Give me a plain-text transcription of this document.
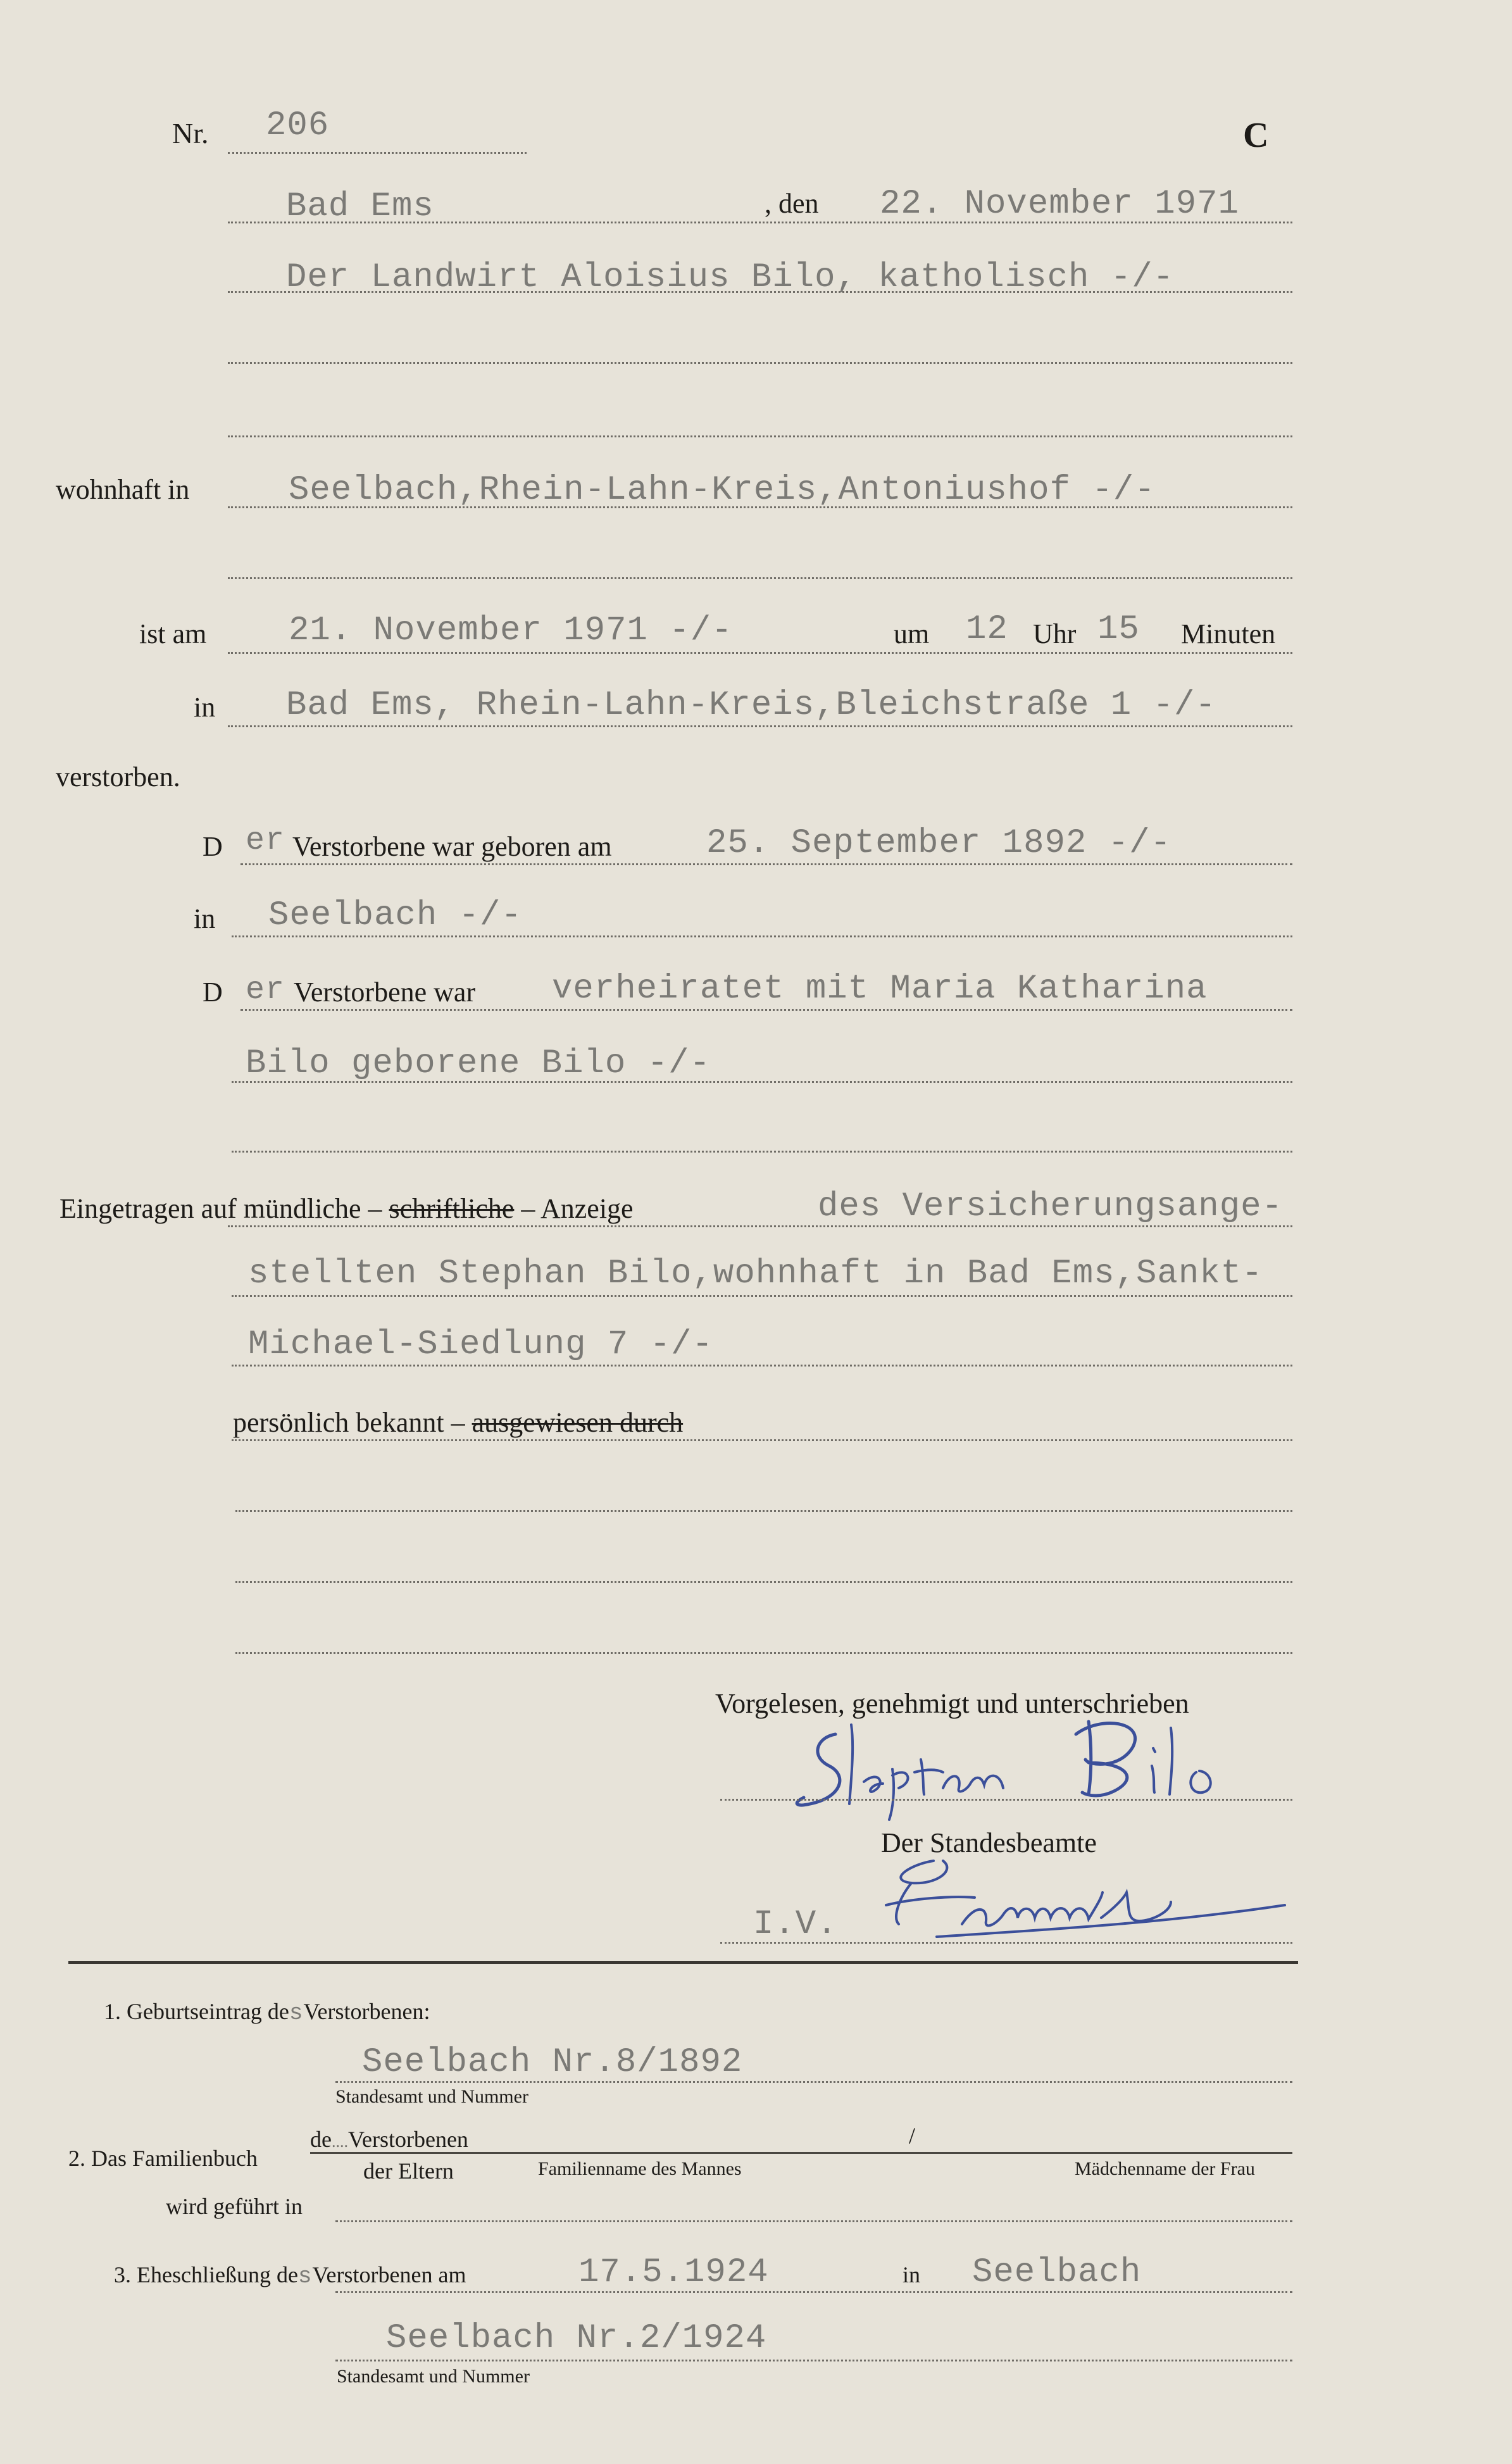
Nr. 206	C
Bad Ems	, den 22. November 1971
Der Landwirt Aloisius Bilo, katholisch -/-
wohnhaft in	Seelbach,Rhein-Lahn-Kreis,Antoniushof -/-
ist am 21. November 1971 -/-	um 12 Uhr 15 Minuten
in Bad Ems, Rhein-Lahn-Kreis,Bleichstraße 1 -/-
verstorben.
D er Verstorbene war geboren am	25. September 1892 -/-
in Seelbach -/-
D er Verstorbene war verheiratet mit Maria Katharina
Bilo geborene Bilo -/-
Eingetragen auf mündliche – schriftliche – Anzeige	des Versicherungsange-
stellten Stephan Bilo,wohnhaft in Bad Ems,Sankt-
Michael-Siedlung 7 -/-
persönlich bekannt – ausgewiesen durch
Vorgelesen, genehmigt und unterschrieben
Der Standesbeamte
I.V.
1. Geburtseintrag desVerstorbenen:
Seelbach Nr.8/1892
Standesamt und Nummer
2. Das Familienbuch
de....Verstorbenen	/
der Eltern	Familienname des Mannes	Mädchenname der Frau
wird geführt in
3. Eheschließung desVerstorbenen am	17.5.1924	in Seelbach
Seelbach Nr.2/1924
Standesamt und Nummer
